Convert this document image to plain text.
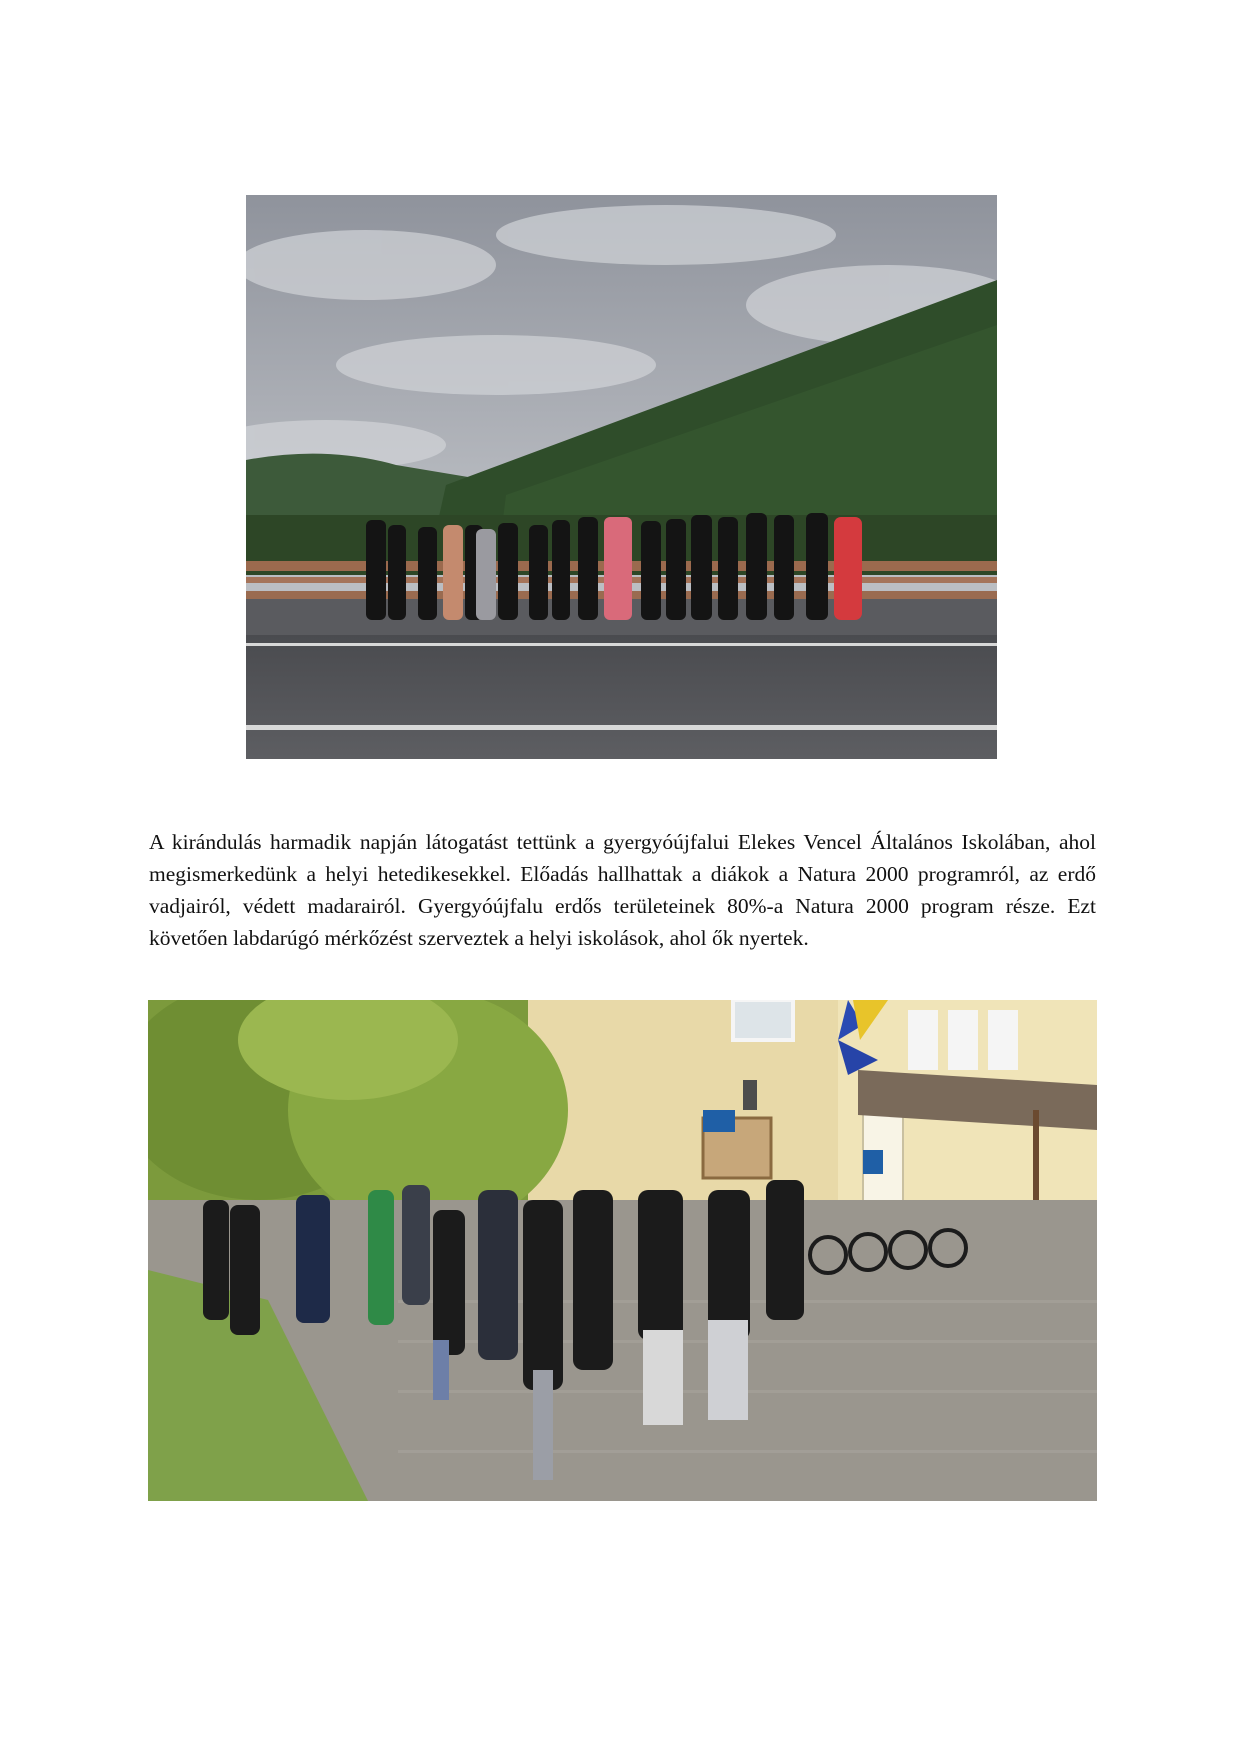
A kirándulás harmadik napján látogatást tettünk a gyergyóújfalui Elekes Vencel Általános Iskolában, ahol megismerkedünk a helyi hetedikesekkel. Előadás hallhattak a diákok a Natura 2000 programról, az erdő vadjairól, védett madarairól. Gyergyóújfalu erdős területeinek 80%-a Natura 2000 program része. Ezt követően labdarúgó mérkőzést szerveztek a helyi iskolások, ahol ők nyertek.
